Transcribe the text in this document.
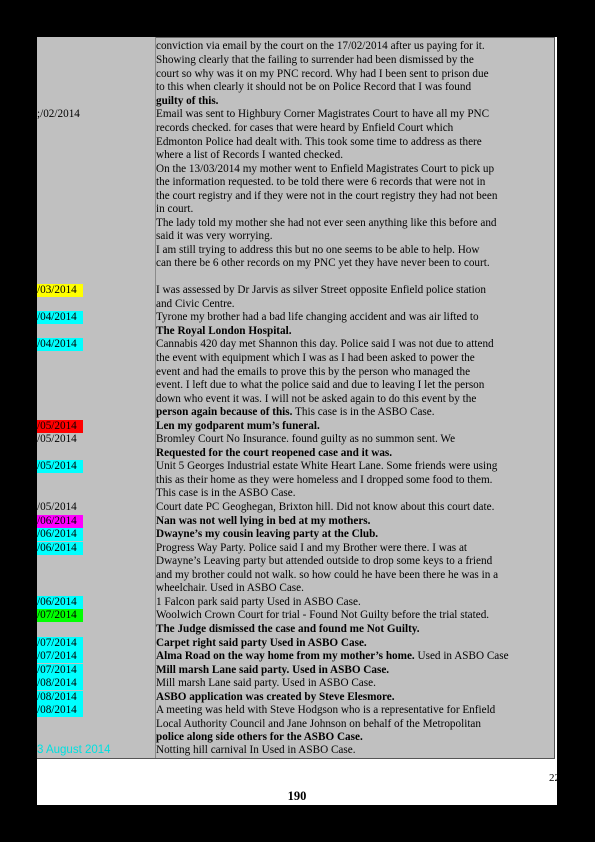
conviction via email by the court on the 17/02/2014 after us paying for it.
Showing clearly that the failing to surrender had been dismissed by the
court so why was it on my PNC record. Why had I been sent to prison due
to this when clearly it should not be on Police Record that I was found
guilty of this.
Email was sent to Highbury Corner Magistrates Court to have all my PNC
records checked. for cases that were heard by Enfield Court which
Edmonton Police had dealt with. This took some time to address as there
where a list of Records I wanted checked.
On the 13/03/2014 my mother went to Enfield Magistrates Court to pick up
the information requested. to be told there were 6 records that were not in
the court registry and if they were not in the court registry they had not been
in court.
The lady told my mother she had not ever seen anything like this before and
said it was very worrying.
I am still trying to address this but no one seems to be able to help. How
can there be 6 other records on my PNC yet they have never been to court.
I was assessed by Dr Jarvis as silver Street opposite Enfield police station
and Civic Centre.
Tyrone my brother had a bad life changing accident and was air lifted to
The Royal London Hospital.
Cannabis 420 day met Shannon this day. Police said I was not due to attend
the event with equipment which I was as I had been asked to power the
event and had the emails to prove this by the person who managed the
event. I left due to what the police said and due to leaving I let the person
down who event it was. I will not be asked again to do this event by the
person again because of this. This case is in the ASBO Case.
Len my godparent mum’s funeral.
Bromley Court No Insurance. found guilty as no summon sent. We
Requested for the court reopened case and it was.
Unit 5 Georges Industrial estate White Heart Lane. Some friends were using
this as their home as they were homeless and I dropped some food to them.
This case is in the ASBO Case.
Court date PC Geoghegan, Brixton hill. Did not know about this court date.
Nan was not well lying in bed at my mothers.
Dwayne’s my cousin leaving party at the Club.
Progress Way Party. Police said I and my Brother were there. I was at
Dwayne’s Leaving party but attended outside to drop some keys to a friend
and my brother could not walk. so how could he have been there he was in a
wheelchair. Used in ASBO Case.
1 Falcon park said party Used in ASBO Case.
Woolwich Crown Court for trial - Found Not Guilty before the trial stated.
The Judge dismissed the case and found me Not Guilty.
Carpet right said party Used in ASBO Case.
Alma Road on the way home from my mother’s home. Used in ASBO Case
Mill marsh Lane said party. Used in ASBO Case.
Mill marsh Lane said party. Used in ASBO Case.
ASBO application was created by Steve Elesmore.
A meeting was held with Steve Hodgson who is a representative for Enfield
Local Authority Council and Jane Johnson on behalf of the Metropolitan
police along side others for the ASBO Case.
Notting hill carnival In Used in ASBO Case.
;/02/2014
/03/2014
/04/2014
/04/2014
/05/2014
/05/2014
/05/2014
/05/2014
/06/2014
/06/2014
/06/2014
/06/2014
/07/2014
/07/2014
/07/2014
/07/2014
/08/2014
/08/2014
/08/2014
3 August 2014
22
190
